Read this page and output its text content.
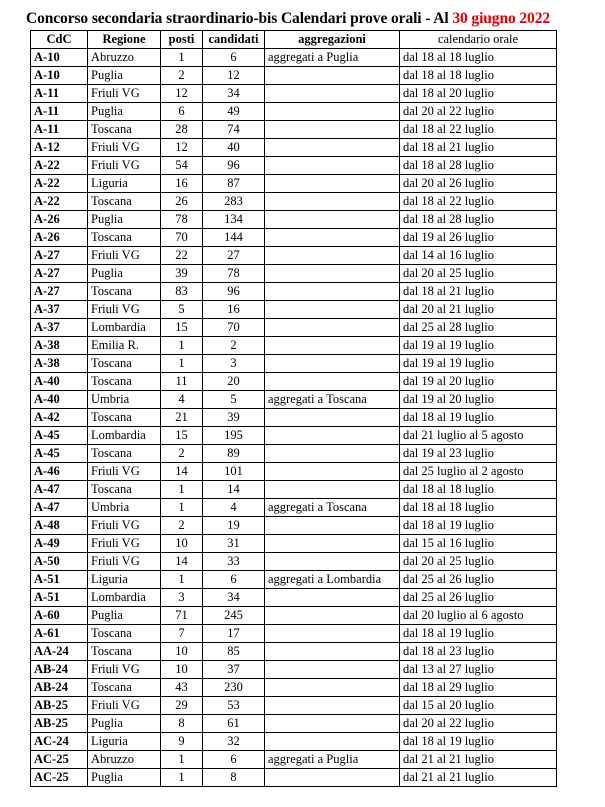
Concorso secondaria straordinario-bis Calendari prove orali - Al 30 giugno 2022
CdC	Regione	posti	candidati	aggregazioni	calendario orale
A-10	Abruzzo	1	6	aggregati a Puglia	dal 18 al 18 luglio
A-10	Puglia	2	12		dal 18 al 18 luglio
A-11	Friuli VG	12	34		dal 18 al 20 luglio
A-11	Puglia	6	49		dal 20 al 22 luglio
A-11	Toscana	28	74		dal 18 al 22 luglio
A-12	Friuli VG	12	40		dal 18 al 21 luglio
A-22	Friuli VG	54	96		dal 18 al 28 luglio
A-22	Liguria	16	87		dal 20 al 26 luglio
A-22	Toscana	26	283		dal 18 al 22 luglio
A-26	Puglia	78	134		dal 18 al 28 luglio
A-26	Toscana	70	144		dal 19 al 26 luglio
A-27	Friuli VG	22	27		dal 14 al 16 luglio
A-27	Puglia	39	78		dal 20 al 25 luglio
A-27	Toscana	83	96		dal 18 al 21 luglio
A-37	Friuli VG	5	16		dal 20 al 21 luglio
A-37	Lombardia	15	70		dal 25 al 28 luglio
A-38	Emilia R.	1	2		dal 19 al 19 luglio
A-38	Toscana	1	3		dal 19 al 19 luglio
A-40	Toscana	11	20		dal 19 al 20 luglio
A-40	Umbria	4	5	aggregati a Toscana	dal 19 al 20 luglio
A-42	Toscana	21	39		dal 18 al 19 luglio
A-45	Lombardia	15	195		dal 21 luglio al 5 agosto
A-45	Toscana	2	89		dal 19 al 23 luglio
A-46	Friuli VG	14	101		dal 25 luglio al 2 agosto
A-47	Toscana	1	14		dal 18 al 18 luglio
A-47	Umbria	1	4	aggregati a Toscana	dal 18 al 18 luglio
A-48	Friuli VG	2	19		dal 18 al 19 luglio
A-49	Friuli VG	10	31		dal 15 al 16 luglio
A-50	Friuli VG	14	33		dal 20 al 25 luglio
A-51	Liguria	1	6	aggregati a Lombardia	dal 25 al 26 luglio
A-51	Lombardia	3	34		dal 25 al 26 luglio
A-60	Puglia	71	245		dal 20 luglio al 6 agosto
A-61	Toscana	7	17		dal 18 al 19 luglio
AA-24	Toscana	10	85		dal 18 al 23 luglio
AB-24	Friuli VG	10	37		dal 13 al 27 luglio
AB-24	Toscana	43	230		dal 18 al 29 luglio
AB-25	Friuli VG	29	53		dal 15 al 20 luglio
AB-25	Puglia	8	61		dal 20 al 22 luglio
AC-24	Liguria	9	32		dal 18 al 19 luglio
AC-25	Abruzzo	1	6	aggregati a Puglia	dal 21 al 21 luglio
AC-25	Puglia	1	8		dal 21 al 21 luglio
